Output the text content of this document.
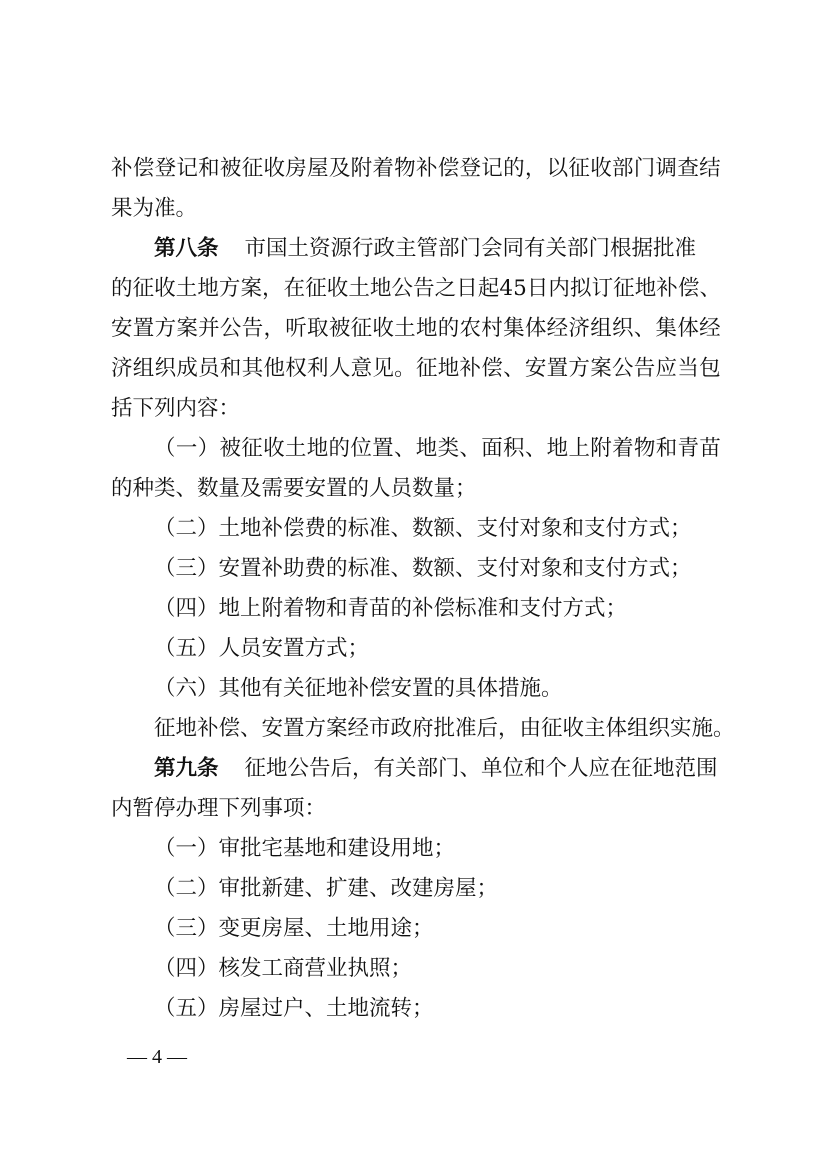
补 偿 登 记 和 被 征 收 房 屋 及 附 着 物 补 偿 登 记 的 ， 以 征 收 部 门 调 查 结
果为准。
第八条 市国土资源行政主管部门会同有关部门根据批准
的 征 收 土 地 方 案 ， 在 征 收 土 地 公 告 之 日 起 45 日 内 拟 订 征 地 补 偿 、
安 置 方 案 并 公 告 ， 听 取 被 征 收 土 地 的 农 村 集 体 经 济 组 织 、 集 体 经
济 组 织 成 员 和 其 他 权 利 人 意 见 。 征 地 补 偿 、 安 置 方 案 公 告 应 当 包
括下列内容：
（ 一 ） 被 征 收 土 地 的 位 置 、 地 类 、 面 积 、 地 上 附 着 物 和 青 苗
的种类、数量及需要安置的人员数量；
（二）土地补偿费的标准、数额、支付对象和支付方式；
（三）安置补助费的标准、数额、支付对象和支付方式；
（四）地上附着物和青苗的补偿标准和支付方式；
（五）人员安置方式；
（六）其他有关征地补偿安置的具体措施。
征地补偿、安置方案经市政府批准后，由征收主体组织实施。
第九条 征地公告后，有关部门、单位和个人应在征地范围
内暂停办理下列事项：
（一）审批宅基地和建设用地；
（二）审批新建、扩建、改建房屋；
（三）变更房屋、土地用途；
（四）核发工商营业执照；
（五）房屋过户、土地流转；
— 4 —
